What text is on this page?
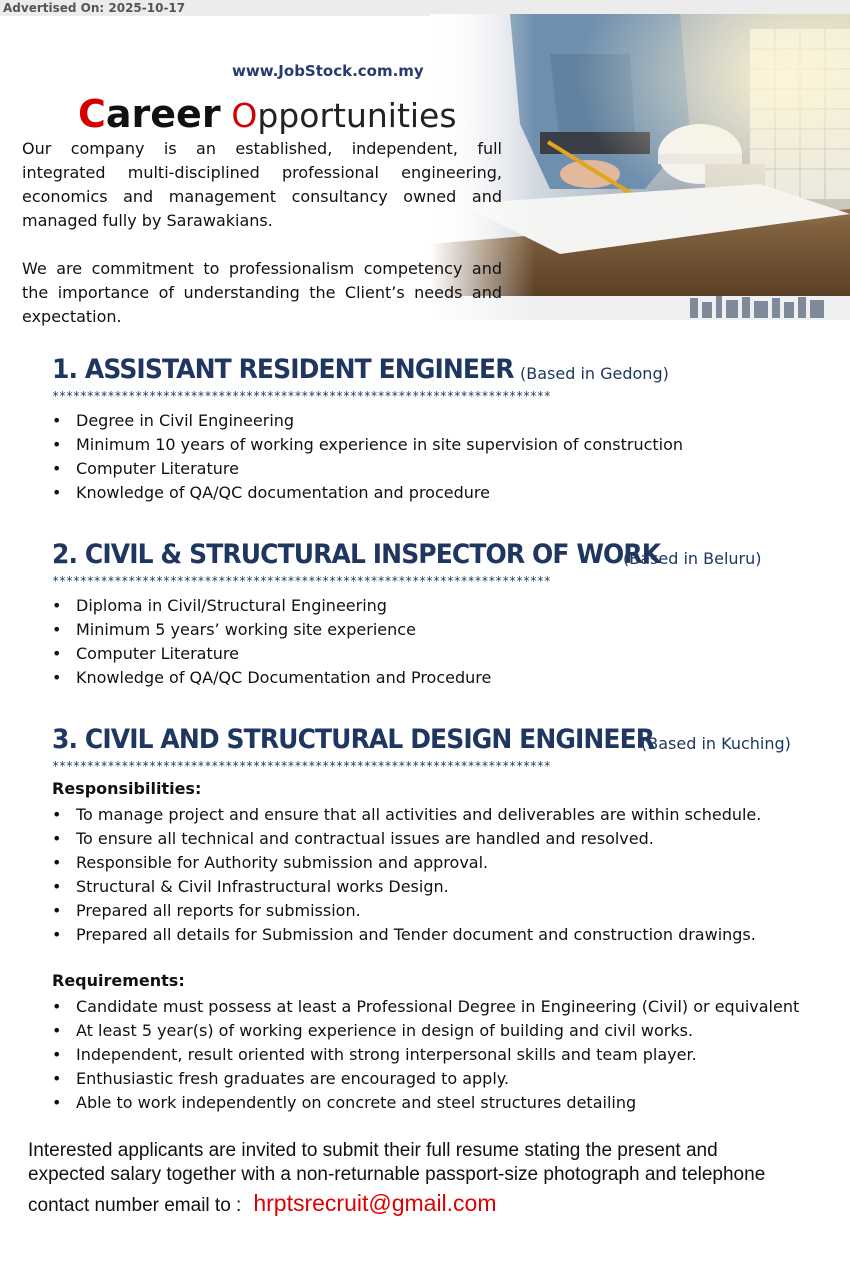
Advertised On: 2025-10-17
www.JobStock.com.my
Career Opportunities
Our company is an established, independent, full integrated multi-disciplined professional engineering, economics and management consultancy owned and managed fully by Sarawakians.
We are commitment to professionalism competency and the importance of understanding the Client’s needs and expectation.
1. ASSISTANT RESIDENT ENGINEER (Based in Gedong)
************************************************************************
• Degree in Civil Engineering
• Minimum 10 years of working experience in site supervision of construction
• Computer Literature
• Knowledge of QA/QC documentation and procedure
2. CIVIL & STRUCTURAL INSPECTOR OF WORK
(Based in Beluru)
************************************************************************
• Diploma in Civil/Structural Engineering
• Minimum 5 years’ working site experience
• Computer Literature
• Knowledge of QA/QC Documentation and Procedure
3. CIVIL AND STRUCTURAL DESIGN ENGINEER
(Based in Kuching)
************************************************************************
Responsibilities:
• To manage project and ensure that all activities and deliverables are within schedule.
• To ensure all technical and contractual issues are handled and resolved.
• Responsible for Authority submission and approval.
• Structural & Civil Infrastructural works Design.
• Prepared all reports for submission.
• Prepared all details for Submission and Tender document and construction drawings.
Requirements:
• Candidate must possess at least a Professional Degree in Engineering (Civil) or equivalent
• At least 5 year(s) of working experience in design of building and civil works.
• Independent, result oriented with strong interpersonal skills and team player.
• Enthusiastic fresh graduates are encouraged to apply.
• Able to work independently on concrete and steel structures detailing
Interested applicants are invited to submit their full resume stating the present and
expected salary together with a non-returnable passport-size photograph and telephone
contact number email to : hrptsrecruit@gmail.com
